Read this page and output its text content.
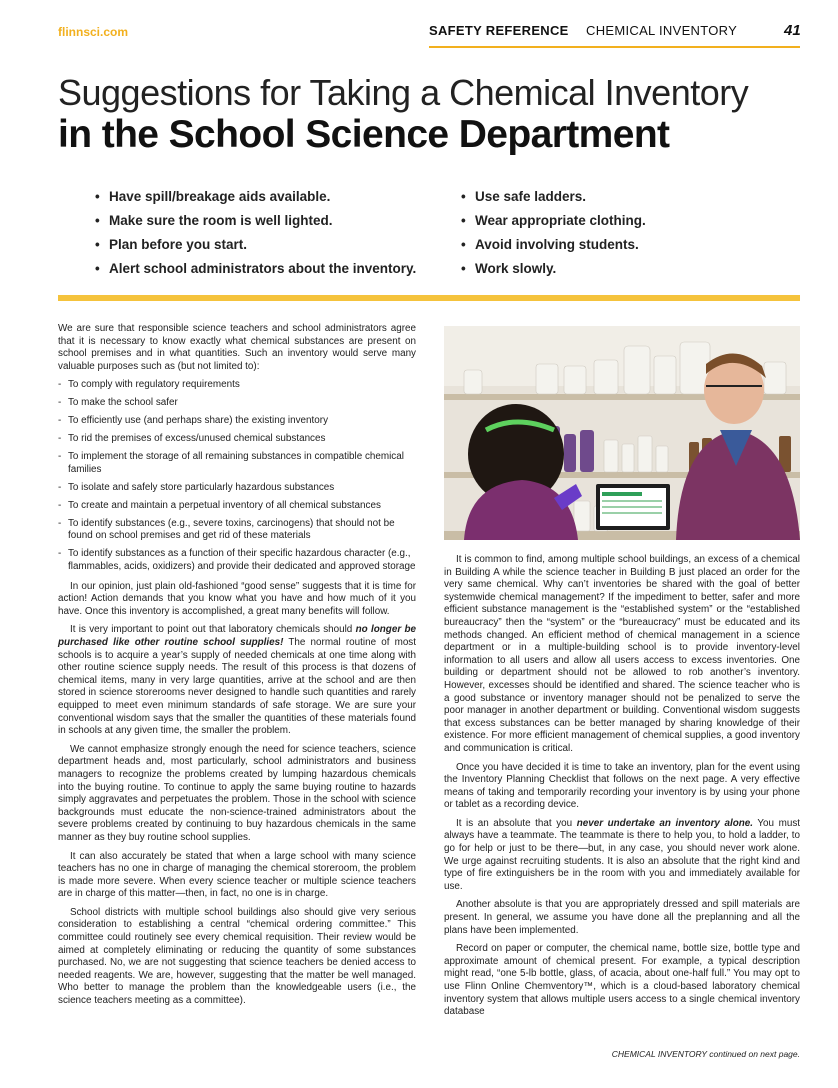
flinnsci.com	SAFETY REFERENCE CHEMICAL INVENTORY	41
Suggestions for Taking a Chemical Inventory
in the School Science Department
• Have spill/breakage aids available.
• Make sure the room is well lighted.
• Plan before you start.
• Alert school administrators about the inventory.
• Use safe ladders.
• Wear appropriate clothing.
• Avoid involving students.
• Work slowly.

We are sure that responsible science teachers and school administrators agree that it is necessary to know exactly what chemical substances are present on school premises and in what quantities. Such an inventory would serve many valuable purposes such as (but not limited to):

- To comply with regulatory requirements
- To make the school safer
- To efficiently use (and perhaps share) the existing inventory
- To rid the premises of excess/unused chemical substances
- To implement the storage of all remaining substances in compatible chemical families
- To isolate and safely store particularly hazardous substances
- To create and maintain a perpetual inventory of all chemical substances
- To identify substances (e.g., severe toxins, carcinogens) that should not be found on school premises and get rid of these materials
- To identify substances as a function of their specific hazardous character (e.g., flammables, acids, oxidizers) and provide their dedicated and approved storage

In our opinion, just plain old-fashioned “good sense” suggests that it is time for action! Action demands that you know what you have and how much of it you have. Once this inventory is accomplished, a great many benefits will follow.

It is very important to point out that laboratory chemicals should no longer be purchased like other routine school supplies! The normal routine of most schools is to acquire a year’s supply of needed chemicals at one time along with other routine science supply needs. The result of this process is that dozens of chemical items, many in very large quantities, arrive at the school and are then stored in science storerooms never designed to handle such quantities and rarely equipped to meet even minimum standards of safe storage. We are sure your conventional wisdom says that the smaller the quantities of these materials found in schools at any given time, the smaller the problem.

We cannot emphasize strongly enough the need for science teachers, science department heads and, most particularly, school administrators and business managers to recognize the problems created by lumping hazardous chemicals into the buying routine. To continue to apply the same buying routine to hazards simply aggravates and perpetuates the problem. Those in the school with science backgrounds must educate the non-science-trained administrators about the severe problems created by continuing to buy hazardous chemicals in the same manner as they buy routine school supplies.

It can also accurately be stated that when a large school with many science teachers has no one in charge of managing the chemical storeroom, the problem is made more severe. When every science teacher or multiple science teachers are in charge of this matter—then, in fact, no one is in charge.

School districts with multiple school buildings also should give very serious consideration to establishing a central “chemical ordering committee.” This committee could routinely see every chemical requisition. Their review would be aimed at completely eliminating or reducing the quantity of some substances purchased. No, we are not suggesting that science teachers be denied access to needed reagents. We are, however, suggesting that the matter be well managed. Who better to manage the problem than the knowledgeable users (i.e., the science teachers meeting as a committee).

It is common to find, among multiple school buildings, an excess of a chemical in Building A while the science teacher in Building B just placed an order for the very same chemical. Why can’t inventories be shared with the goal of better systemwide chemical management? If the impediment to better, safer and more efficient substance management is the “established system” or the “established bureaucracy” then the “system” or the “bureaucracy” must be educated and its methods changed. An efficient method of chemical management in a science department or in a multiple-building school is to provide inventory-level information to all users and allow all users access to excess inventories. One building or department should not be allowed to rob another’s inventory. However, excesses should be identified and shared. The science teacher who is a good substance or inventory manager should not be penalized to serve the poor manager in another department or building. Conventional wisdom suggests that excess substances can be better managed by sharing knowledge of their existence. For more efficient management of chemical supplies, a good inventory and communication is critical.

Once you have decided it is time to take an inventory, plan for the event using the Inventory Planning Checklist that follows on the next page. A very effective means of taking and temporarily recording your inventory is by using your phone or tablet as a recording device.

It is an absolute that you never undertake an inventory alone. You must always have a teammate. The teammate is there to help you, to hold a ladder, to go for help or just to be there—but, in any case, you should never work alone. We urge against recruiting students. It is also an absolute that the right kind and type of fire extinguishers be in the room with you and immediately available for use.

Another absolute is that you are appropriately dressed and spill materials are present. In general, we assume you have done all the preplanning and all the plans have been implemented.

Record on paper or computer, the chemical name, bottle size, bottle type and approximate amount of chemical present. For example, a typical description might read, “one 5-lb bottle, glass, of acacia, about one-half full.” You may opt to use Flinn Online Chemventory™, which is a cloud-based laboratory chemical inventory system that allows multiple users access to a single chemical inventory database

CHEMICAL INVENTORY continued on next page.
